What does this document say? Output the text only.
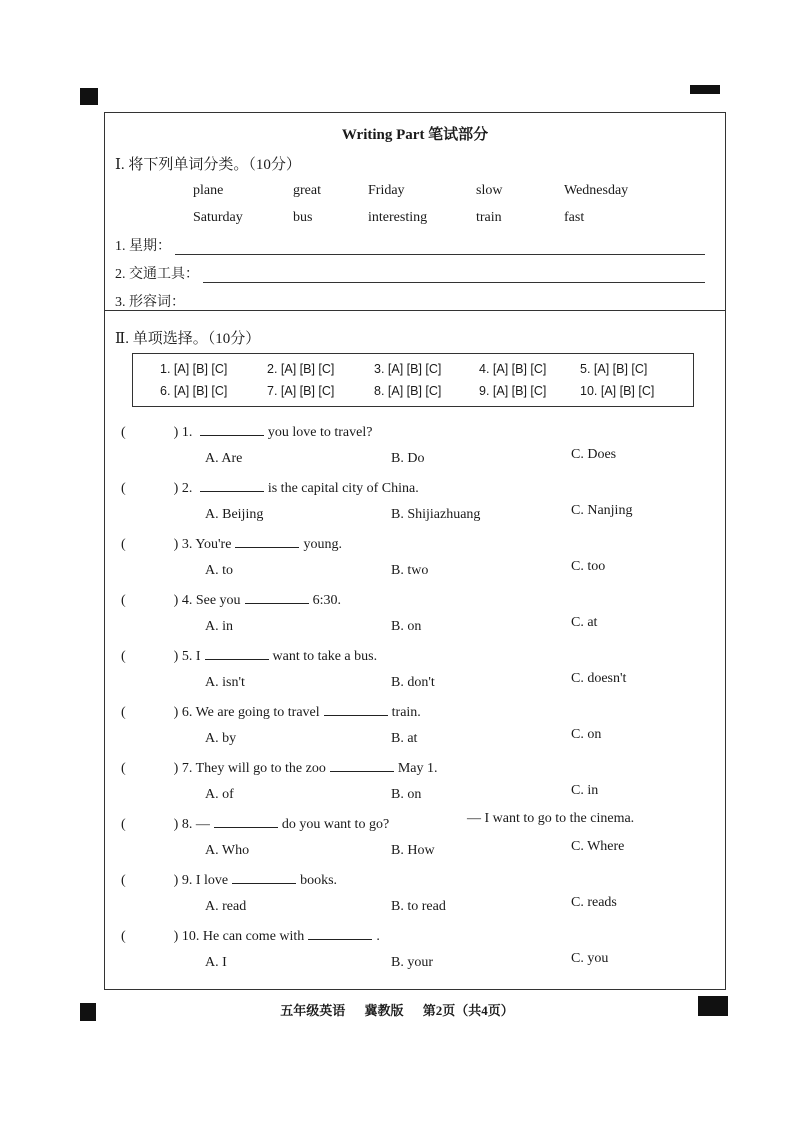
Writing Part 笔试部分
Ⅰ. 将下列单词分类。（10分）
plane	great	Friday	slow	Wednesday
Saturday	bus	interesting	train	fast
1. 星期：
2. 交通工具：
3. 形容词：
Ⅱ. 单项选择。（10分）
1. [A] [B] [C]	2. [A] [B] [C]	3. [A] [B] [C]	4. [A] [B] [C]	5. [A] [B] [C]
6. [A] [B] [C]	7. [A] [B] [C]	8. [A] [B] [C]	9. [A] [B] [C]	10. [A] [B] [C]
(	) 1.	you love to travel?
A. Are	B. Do	C. Does
(	) 2.	is the capital city of China.
A. Beijing	B. Shijiazhuang	C. Nanjing
(	) 3. You're	young.
A. to	B. two	C. too
(	) 4. See you	6:30.
A. in	B. on	C. at
(	) 5. I	want to take a bus.
A. isn't	B. don't	C. doesn't
(	) 6. We are going to travel	train.
A. by	B. at	C. on
(	) 7. They will go to the zoo	May 1.
A. of	B. on	C. in
(	) 8. —	do you want to go?	— I want to go to the cinema.
A. Who	B. How	C. Where
(	) 9. I love	books.
A. read	B. to read	C. reads
(	) 10. He can come with	.
A. I	B. your	C. you
五年级英语 冀教版 第2页（共4页）
